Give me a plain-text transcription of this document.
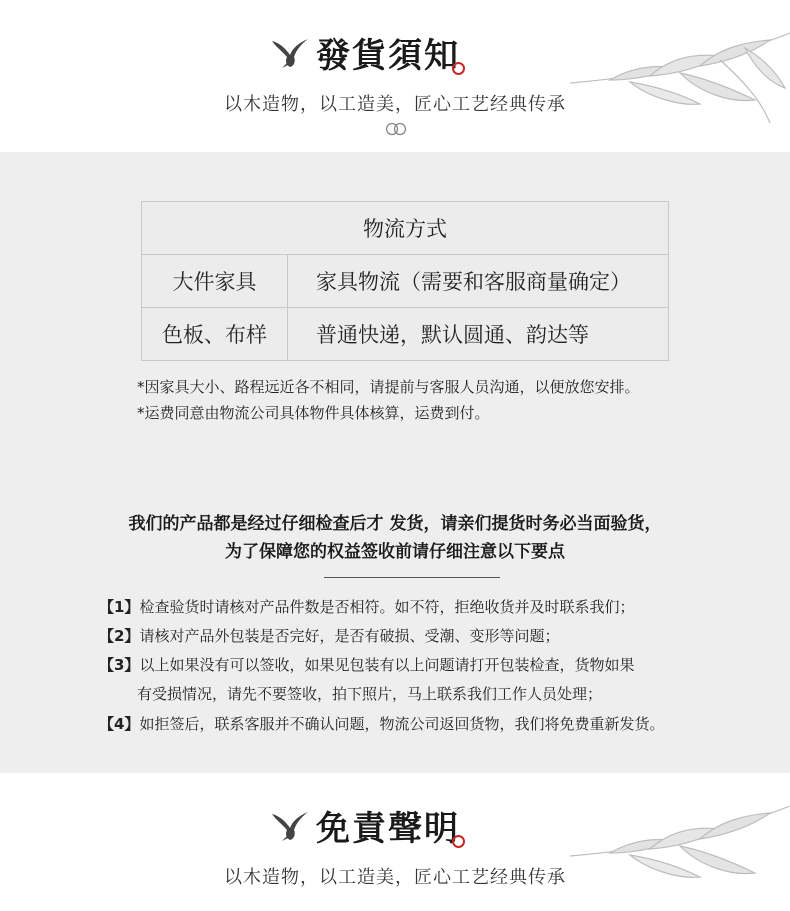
發貨須知
以木造物，以工造美，匠心工艺经典传承
物流方式	
大件家具	家具物流（需要和客服商量确定）
色板、布样	普通快递，默认圆通、韵达等
*因家具大小、路程远近各不相同，请提前与客服人员沟通，以便放您安排。
*运费同意由物流公司具体物件具体核算，运费到付。
我们的产品都是经过仔细检查后才 发货，请亲们提货时务必当面验货，
为了保障您的权益签收前请仔细注意以下要点
【1】检查验货时请核对产品件数是否相符。如不符，拒绝收货并及时联系我们；
【2】请核对产品外包装是否完好，是否有破损、受潮、变形等问题；
【3】以上如果没有可以签收，如果见包装有以上问题请打开包装检查，货物如果
有受损情况，请先不要签收，拍下照片，马上联系我们工作人员处理；
【4】如拒签后，联系客服并不确认问题，物流公司返回货物，我们将免费重新发货。
免責聲明
以木造物，以工造美，匠心工艺经典传承
